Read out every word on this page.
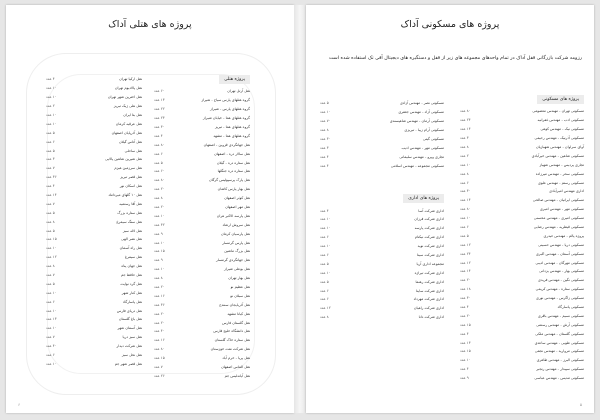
پروژه های هتلی آداک
پروژه هتلی
هتل آرتل تهران
۶۰ عدد
گروه هتلهای پارس سیاح - شیراز
۱۳ عدد
گروه هتلهای پارس - شیراز
۲۲ عدد
گروه هتلهای هما - خیابان شیراز
۲۳ عدد
گروه هتلهای هما - تبریز
۳۰ عدد
گروه هتلهای هما - مشهد
۴ عدد
هتل جهانگردی قزوین - اصفهان
۸۰ عدد
هتل سالار دره - اصفهان
۶ عدد
هتل ستاره دره - گیلان
۵ عدد
هتل ستاره دره جنگلها
۶۰ عدد
هتل پارک پرسپولیس گرگان
۸۰ عدد
هتل بهار پارس کاشان
۲۰ عدد
هتل کوثر اصفهان
۸ عدد
هتل مهر اصفهان
۲۰ عدد
هتل پارسه الاکبر هران
۱۰ عدد
هتل سروش ارشاد
۳۲ عدد
هتل پارسیان کرمان
۹ عدد
هتل پارس گرمسار
۱۰ عدد
هتل بزرگ ماشین
۱۵ عدد
هتل جهانگردی گرمسار
۹ عدد
هتل بوعلی شیراز
۱۰ عدد
هتل بهار تهران
۸ عدد
هتل عظیم نو
۲۰ عدد
هتل سبلان نو
۱۶ عدد
هتل آذربایجان سنندج
۳۶ عدد
هتل کیانا مشهد
۲۰ عدد
هتل گلستان فارس
۲۰ عدد
هتل دانشگاه خلیج فارس
۴۰ عدد
هتل ستاره خاک گلستان
۱۶ عدد
هتل شرکت نفت خوزستان
۸۰ عدد
هتل پریا - خرم آباد
۱۵ عدد
هتل الماس اصفهان
۷ عدد
هتل آیاندلیس جم
۲۶ عدد
هتل ارکیا تهران
۴ عدد
هتل پالادیوم تهران
۱۰ عدد
هتل اخترین شهر تهران
۱۰ عدد
هتل هلی ژیک تبریز
۲ عدد
هتل بتا ایران
۱۰ عدد
هتل عرقیه کرمان
۱۰ عدد
هتل آذرپایان اصفهان
۵ عدد
هتل آتاس گیلان
۶ عدد
هتل ساحلی
۵ عدد
هتل شیرین شاهین پالایی
۳ عدد
هتل سرزمین هیزم
۷ عدد
هتل قصر تبریز
۳۶ عدد
هتل اسکان نور
۴ عدد
هتل ۱۰ گلهای میرداماد
۱۴ عدد
هتل آقا رستمیه
۷ عدد
هتل ستاره بزرگ
۵ عدد
هتل سنگ سیمرغ
۸ عدد
هتل لاله سبز
۵ عدد
هتل نصر الهی
۱۵ عدد
هتل راه آسمان
۱۰ عدد
هتل سیمرغ
۱۲ عدد
هتل جهان پناه
۸ عدد
هتل حافظ جم
۷ عدد
هتل گرد نوایت
۵ عدد
هتل کنار شهر
۱۰ عدد
هتل پاسارگاد
۶ عدد
هتل دریای فارس
۱۰ عدد
هتل باغ گلستان
۱۳ عدد
هتل آسمان شهر
۱۰ عدد
هتل سبز دریا
۷ عدد
هتل شرکت دیدار
۴۰ عدد
هتل نخل سبز
۶ عدد
هتل قصر شهر جم
۱۰ عدد
۶
پروژه های مسکونی آداک
رزومه شرکت بازرگانی قفل آداک در تمام واحدهای مجموعه های زیر از قفل و دستگیره های دیجیتال آفی تک استفاده شده است
پروژه های مسکونی
مسکونی تهران - مهندس معصومی
۸۰ عدد
مسکونی ادب - مهندس غفرانیه
۲۴ عدد
مسکونی نیک - مهندس کوهی
۱۴ عدد
مسکونی آذرنیک - مهندس رحیمی
۳ عدد
آوای سراوان - مهندس شهبازیان
۸ عدد
مسکونی شاهین - مهندس خیرآبادی
۲ عدد
تجاری پردیس - مهندس شهباز
۱۰ عدد
مسکونی سحر - مهندس میرزاده
۸ عدد
مسکونی رستم - مهندس علوی
۶ عدد
اداری مهندس امیرآبادی
۳۰ عدد
مسکونی ایرانیان - مهندس صالحی
۱۴ عدد
مسکونی مهر - مهندس امیری
۸۰ عدد
مسکونی امیری - مهندس محسنی
۱۰ عدد
مسکونی قیطریه - مهندس رضایی
۶ عدد
پروژه پالم - مهندس حیدری
۵ عدد
مسکونی دریا - مهندس حسینی
۱۲ عدد
مسکونی آسمان - مهندس اکبری
۲۴ عدد
مسکونی مهرگان - مهندس ادیبی
۱۲ عدد
مسکونی بهار - مهندس یزدانی
۱۴ عدد
مسکونی نگین - مهندس فریدی
۲۰ عدد
مسکونی ستاره - مهندس کریمی
۱۸ عدد
مسکونی زاگرس - مهندس نوری
۳۰ عدد
مسکونی پاسارگاد
۴ عدد
مسکونی نسیم - مهندس باقری
۲۰ عدد
مسکونی آرش - مهندس رستمی
۱۵ عدد
مسکونی گلستان - مهندس ملکی
۴ عدد
مسکونی طوبی - مهندس ساعدی
۱۳ عدد
مسکونی مروارید - مهندس نجفی
۱۵ عدد
مسکونی البرز - مهندس طاهری
۱۰ عدد
مسکونی سپیدار - مهندس رنجبر
۴ عدد
مسکونی تندیس - مهندس عباسی
۹ عدد
مسکونی نصر - مهندس آزادی
۵ عدد
مسکونی آزاد - مهندس جعفری
۱۰ عدد
مسکونی آرمان - مهندس شاهپسندی
۷۰ عدد
مسکونی آرام زیبا - تبریزی
۸ عدد
مسکونی گیتی
۳۰ عدد
مسکونی مهر - مهندس ادیب
۳ عدد
تجاری وپرو - مهندس سلیمانی
۴ عدد
مسکونی مجموعه - مهندس اسلامی
۴ عدد
پروژه های اداری
اداری شرکت آسا
۴ عدد
اداری شرکت فرزان
۱۰ عدد
اداری شرکت پارسه
۱۰ عدد
اداری شرکت نیکنام
۶ عدد
اداری شرکت نوید
۱۰ عدد
اداری شرکت سینا
۶ عدد
مجموعه اداری آریا
۵ عدد
اداری شرکت تیراژه
۱۰ عدد
اداری شرکت رهنما
۵ عدد
اداری شرکت ساینا
۶ عدد
اداری شرکت مهرداد
۶ عدد
اداری شرکت راهیان
۱۲ عدد
اداری شرکت دانا
۸ عدد
۵
